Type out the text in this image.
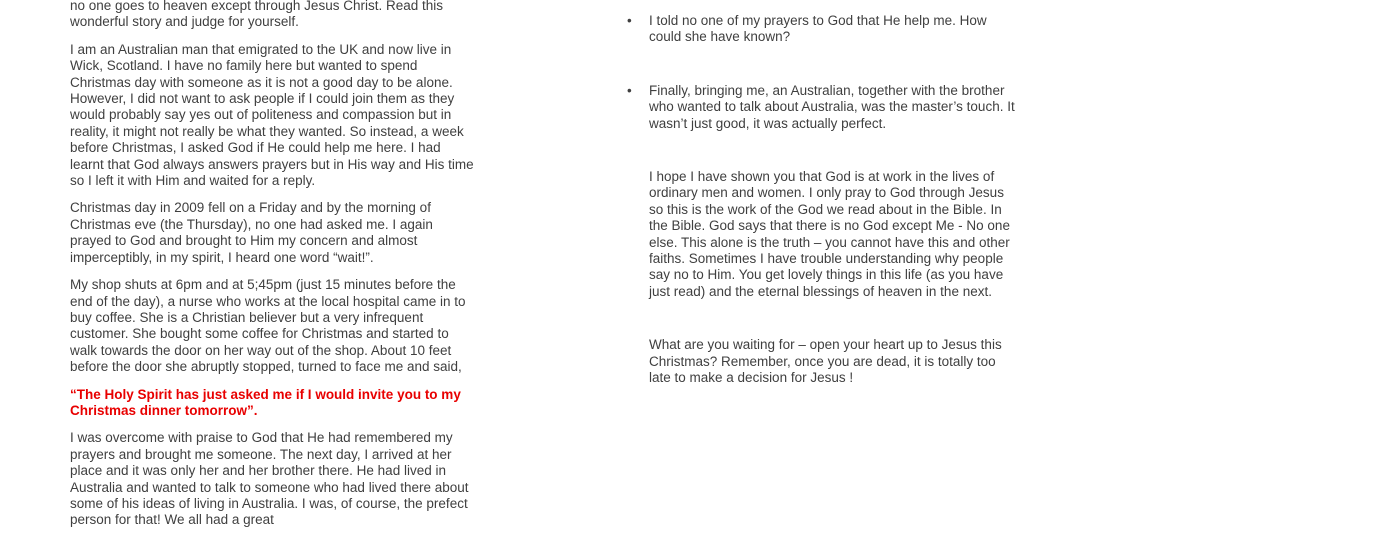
no one goes to heaven except through Jesus Christ. Read this wonderful story and judge for yourself.

I am an Australian man that emigrated to the UK and now live in Wick, Scotland. I have no family here but wanted to spend Christmas day with someone as it is not a good day to be alone. However, I did not want to ask people if I could join them as they would probably say yes out of politeness and compassion but in reality, it might not really be what they wanted. So instead, a week before Christmas, I asked God if He could help me here. I had learnt that God always answers prayers but in His way and His time so I left it with Him and waited for a reply.

Christmas day in 2009 fell on a Friday and by the morning of Christmas eve (the Thursday), no one had asked me. I again prayed to God and brought to Him my concern and almost imperceptibly, in my spirit, I heard one word “wait!”.

My shop shuts at 6pm and at 5;45pm (just 15 minutes before the end of the day), a nurse who works at the local hospital came in to buy coffee. She is a Christian believer but a very infrequent customer. She bought some coffee for Christmas and started to walk towards the door on her way out of the shop. About 10 feet before the door she abruptly stopped, turned to face me and said,

“The Holy Spirit has just asked me if I would invite you to my Christmas dinner tomorrow”.

I was overcome with praise to God that He had remembered my prayers and brought me someone. The next day, I arrived at her place and it was only her and her brother there. He had lived in Australia and wanted to talk to someone who had lived there about some of his ideas of living in Australia. I was, of course, the prefect person for that! We all had a great

• I told no one of my prayers to God that He help me. How could she have known?
• Finally, bringing me, an Australian, together with the brother who wanted to talk about Australia, was the master’s touch. It wasn’t just good, it was actually perfect.

I hope I have shown you that God is at work in the lives of ordinary men and women. I only pray to God through Jesus so this is the work of the God we read about in the Bible. In the Bible. God says that there is no God except Me - No one else. This alone is the truth – you cannot have this and other faiths. Sometimes I have trouble understanding why people say no to Him. You get lovely things in this life (as you have just read) and the eternal blessings of heaven in the next.

What are you waiting for – open your heart up to Jesus this Christmas? Remember, once you are dead, it is totally too late to make a decision for Jesus !
